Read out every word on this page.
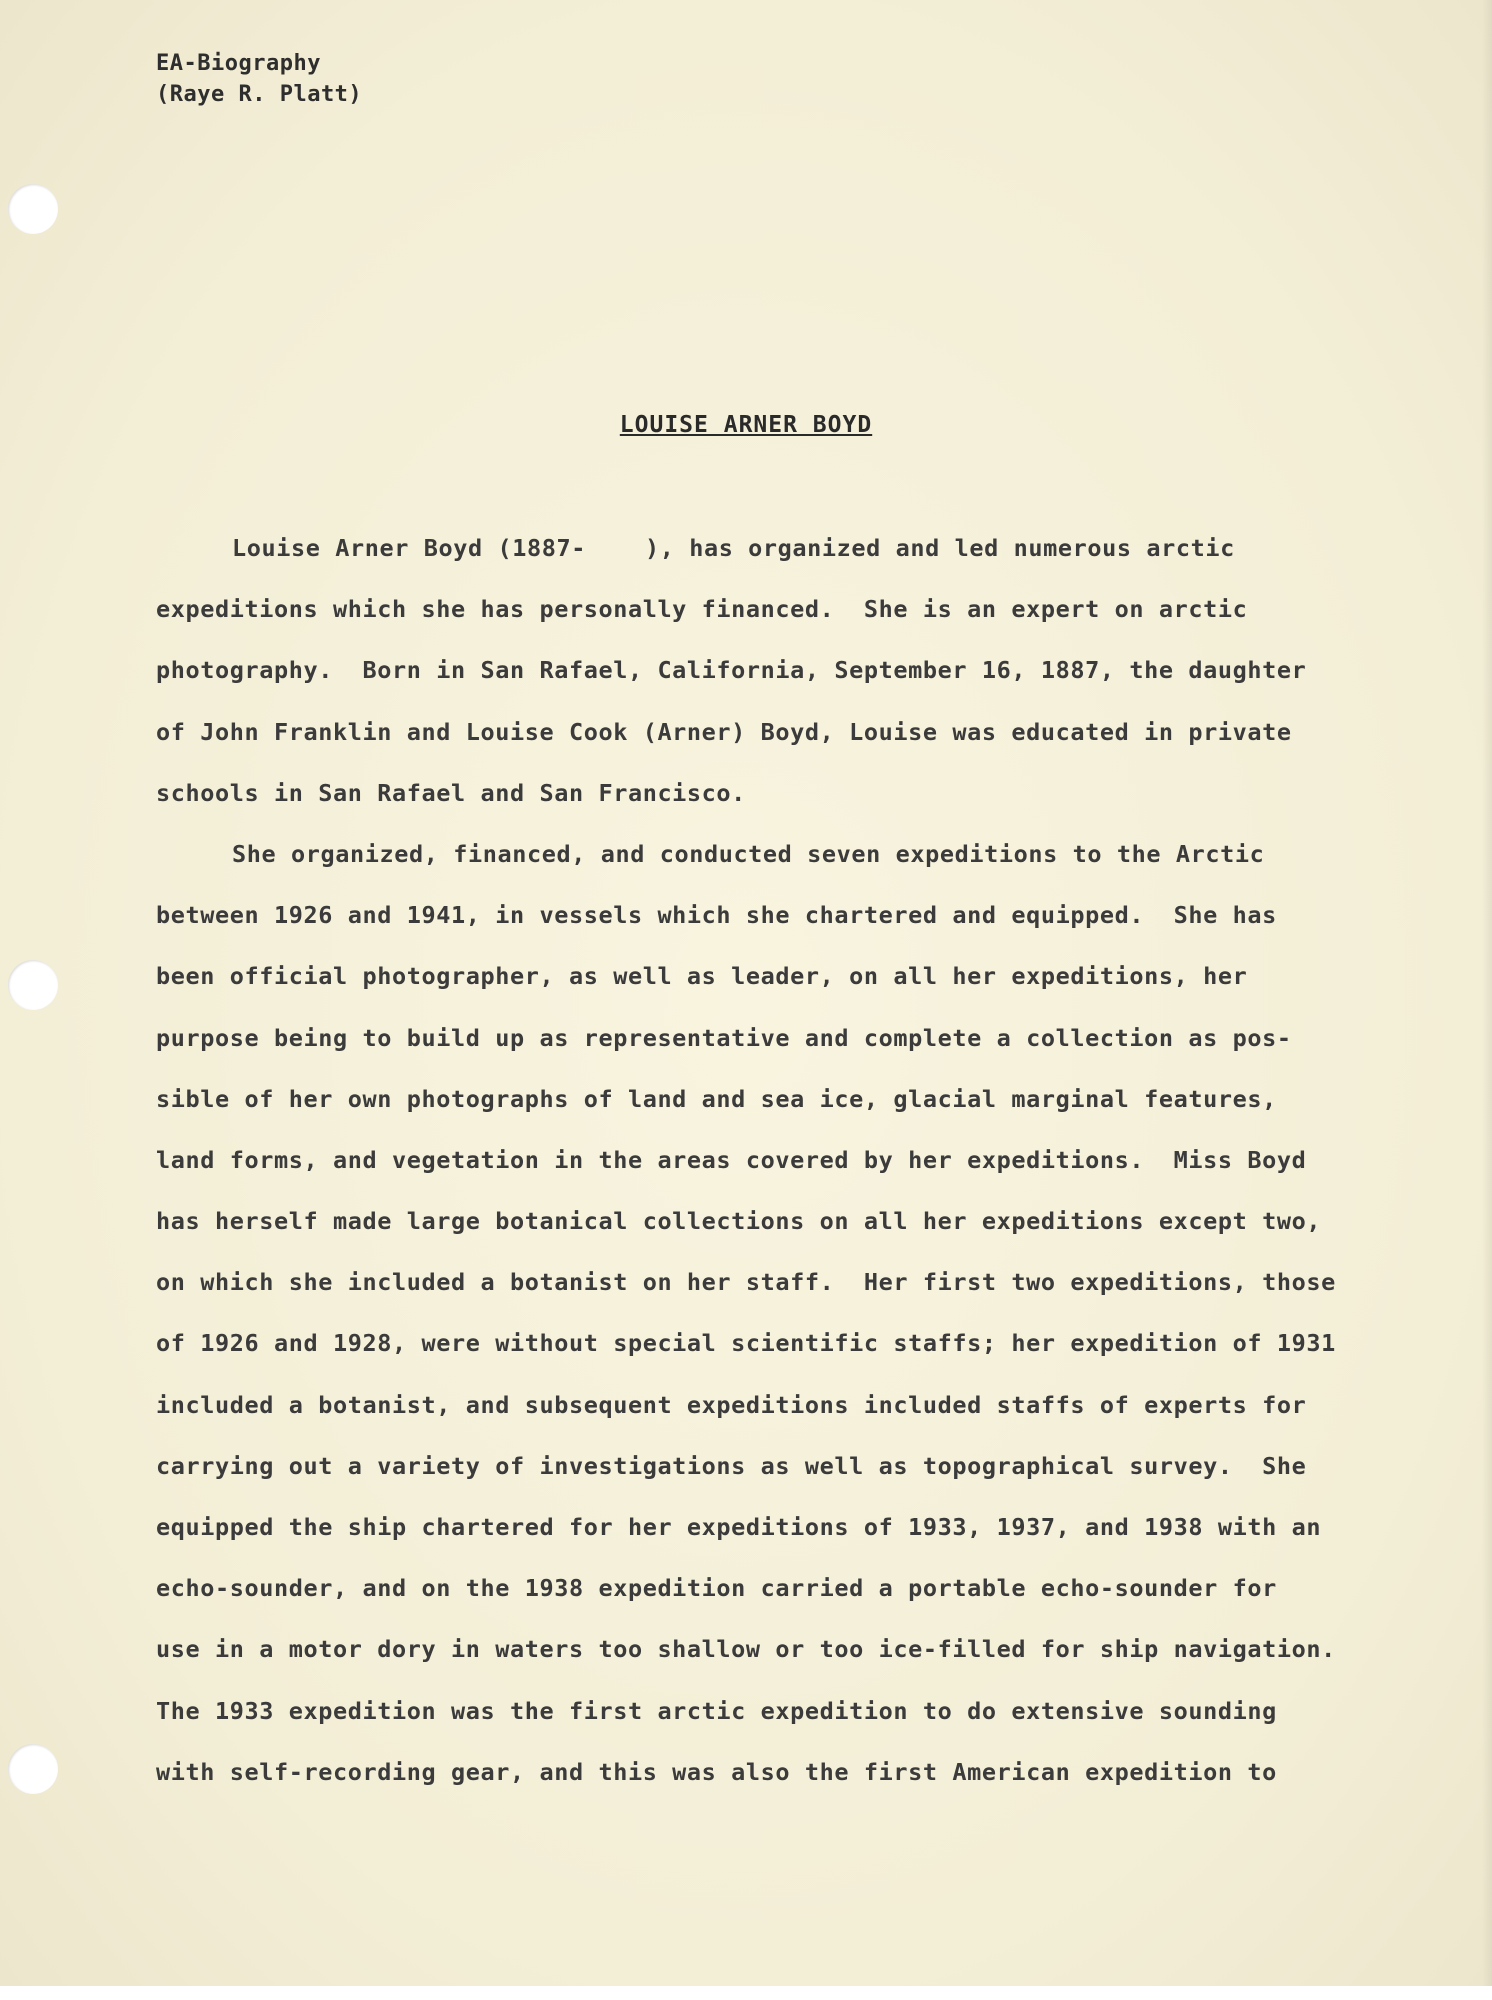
EA-Biography
(Raye R. Platt)
LOUISE ARNER BOYD
Louise Arner Boyd (1887-    ), has organized and led numerous arctic
expeditions which she has personally financed.  She is an expert on arctic
photography.  Born in San Rafael, California, September 16, 1887, the daughter
of John Franklin and Louise Cook (Arner) Boyd, Louise was educated in private
schools in San Rafael and San Francisco.
She organized, financed, and conducted seven expeditions to the Arctic
between 1926 and 1941, in vessels which she chartered and equipped.  She has
been official photographer, as well as leader, on all her expeditions, her
purpose being to build up as representative and complete a collection as pos-
sible of her own photographs of land and sea ice, glacial marginal features,
land forms, and vegetation in the areas covered by her expeditions.  Miss Boyd
has herself made large botanical collections on all her expeditions except two,
on which she included a botanist on her staff.  Her first two expeditions, those
of 1926 and 1928, were without special scientific staffs; her expedition of 1931
included a botanist, and subsequent expeditions included staffs of experts for
carrying out a variety of investigations as well as topographical survey.  She
equipped the ship chartered for her expeditions of 1933, 1937, and 1938 with an
echo-sounder, and on the 1938 expedition carried a portable echo-sounder for
use in a motor dory in waters too shallow or too ice-filled for ship navigation.
The 1933 expedition was the first arctic expedition to do extensive sounding
with self-recording gear, and this was also the first American expedition to
